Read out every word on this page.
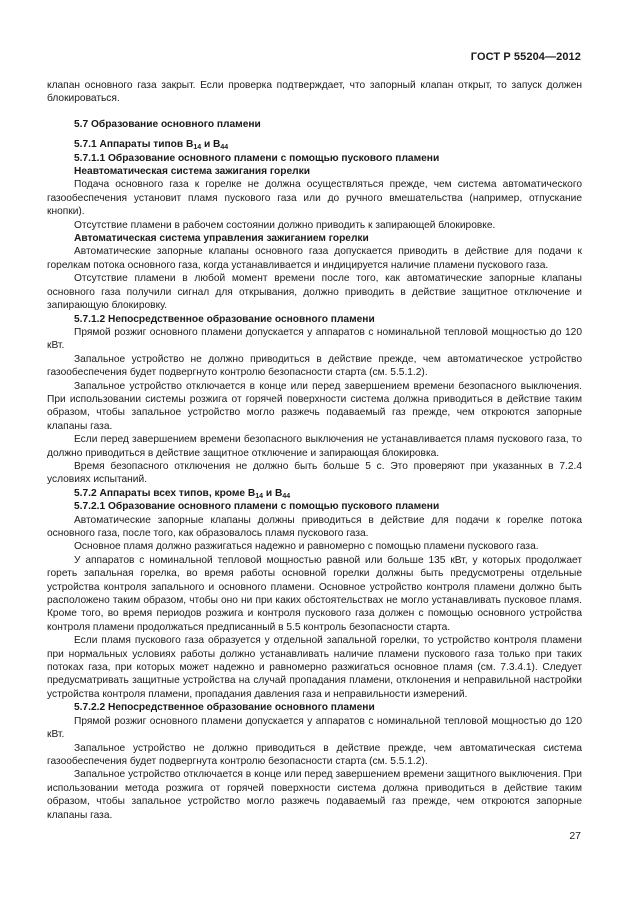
ГОСТ Р 55204—2012

клапан основного газа закрыт. Если проверка подтверждает, что запорный клапан открыт, то запуск должен блокироваться.

5.7 Образование основного пламени

5.7.1 Аппараты типов $B_{14}$ и $B_{44}$

5.7.1.1 Образование основного пламени с помощью пускового пламени

Неавтоматическая система зажигания горелки

Подача основного газа к горелке не должна осуществляться прежде, чем система автоматического газообеспечения установит пламя пускового газа или до ручного вмешательства (например, отпускание кнопки).

Отсутствие пламени в рабочем состоянии должно приводить к запирающей блокировке.

Автоматическая система управления зажиганием горелки

Автоматические запорные клапаны основного газа допускается приводить в действие для подачи к горелкам потока основного газа, когда устанавливается и индицируется наличие пламени пускового газа.

Отсутствие пламени в любой момент времени после того, как автоматические запорные клапаны основного газа получили сигнал для открывания, должно приводить в действие защитное отключение и запирающую блокировку.

5.7.1.2 Непосредственное образование основного пламени

Прямой розжиг основного пламени допускается у аппаратов с номинальной тепловой мощностью до 120 кВт.

Запальное устройство не должно приводиться в действие прежде, чем автоматическое устройство газообеспечения будет подвергнуто контролю безопасности старта (см. 5.5.1.2).

Запальное устройство отключается в конце или перед завершением времени безопасного выключения. При использовании системы розжига от горячей поверхности система должна приводиться в действие таким образом, чтобы запальное устройство могло разжечь подаваемый газ прежде, чем откроются запорные клапаны газа.

Если перед завершением времени безопасного выключения не устанавливается пламя пускового газа, то должно приводиться в действие защитное отключение и запирающая блокировка.

Время безопасного отключения не должно быть больше 5 с. Это проверяют при указанных в 7.2.4 условиях испытаний.

5.7.2 Аппараты всех типов, кроме $B_{14}$ и $B_{44}$

5.7.2.1 Образование основного пламени с помощью пускового пламени

Автоматические запорные клапаны должны приводиться в действие для подачи к горелке потока основного газа, после того, как образовалось пламя пускового газа.

Основное пламя должно разжигаться надежно и равномерно с помощью пламени пускового газа.

У аппаратов с номинальной тепловой мощностью равной или больше 135 кВт, у которых продолжает гореть запальная горелка, во время работы основной горелки должны быть предусмотрены отдельные устройства контроля запального и основного пламени. Основное устройство контроля пламени должно быть расположено таким образом, чтобы оно ни при каких обстоятельствах не могло устанавливать пусковое пламя. Кроме того, во время периодов розжига и контроля пускового газа должен с помощью основного устройства контроля пламени продолжаться предписанный в 5.5 контроль безопасности старта.

Если пламя пускового газа образуется у отдельной запальной горелки, то устройство контроля пламени при нормальных условиях работы должно устанавливать наличие пламени пускового газа только при таких потоках газа, при которых может надежно и равномерно разжигаться основное пламя (см. 7.3.4.1). Следует предусматривать защитные устройства на случай пропадания пламени, отклонения и неправильной настройки устройства контроля пламени, пропадания давления газа и неправильности измерений.

5.7.2.2 Непосредственное образование основного пламени

Прямой розжиг основного пламени допускается у аппаратов с номинальной тепловой мощностью до 120 кВт.

Запальное устройство не должно приводиться в действие прежде, чем автоматическая система газообеспечения будет подвергнута контролю безопасности старта (см. 5.5.1.2).

Запальное устройство отключается в конце или перед завершением времени защитного выключения. При использовании метода розжига от горячей поверхности система должна приводиться в действие таким образом, чтобы запальное устройство могло разжечь подаваемый газ прежде, чем откроются запорные клапаны газа.

27
